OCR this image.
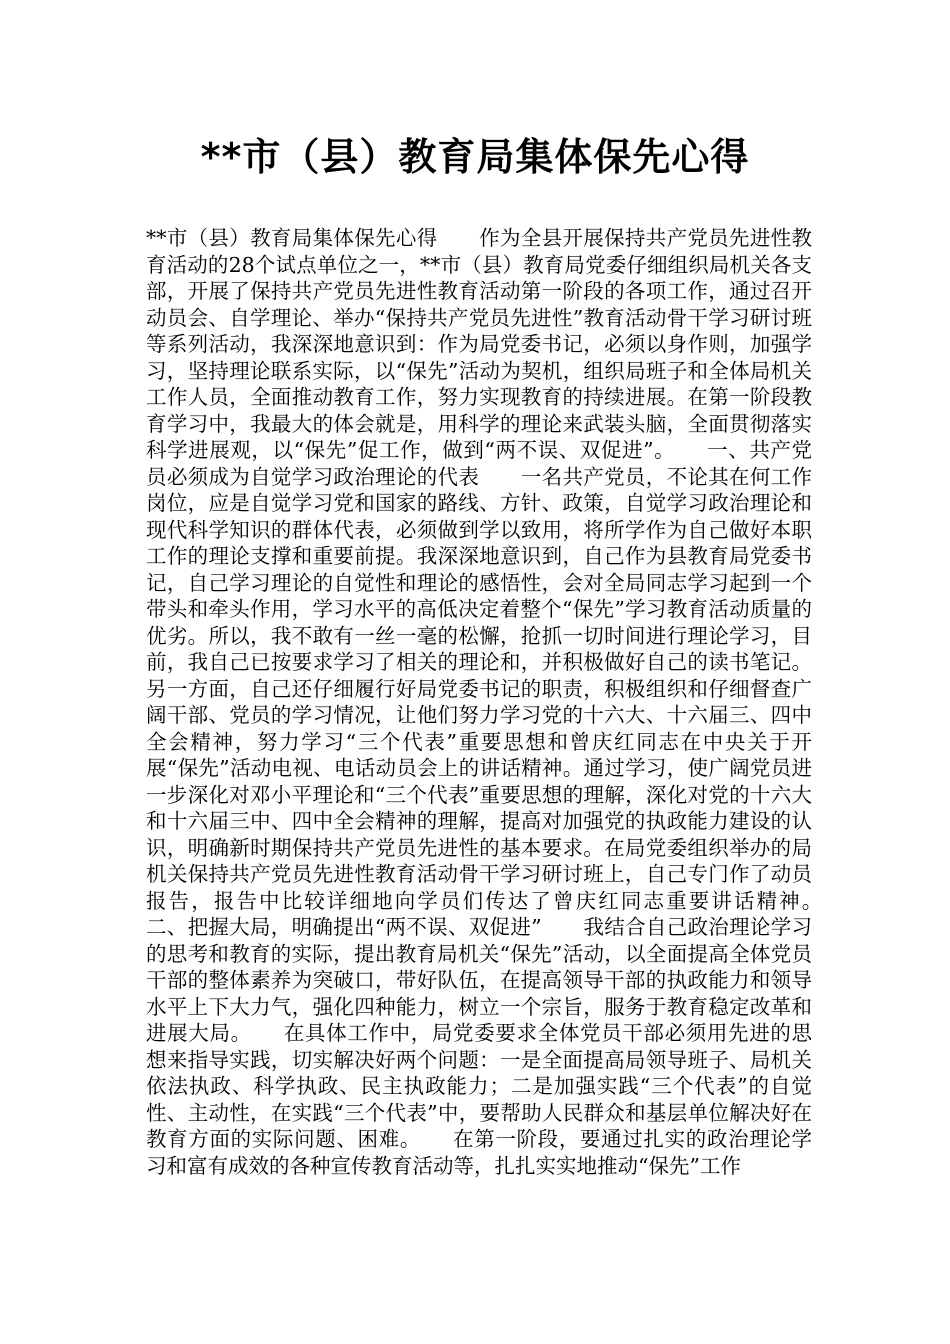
**市（县）教育局集体保先心得

**市（县）教育局集体保先心得　　作为全县开展保持共产党员先进性教育活动的28个试点单位之一，**市（县）教育局党委仔细组织局机关各支部，开展了保持共产党员先进性教育活动第一阶段的各项工作，通过召开动员会、自学理论、举办“保持共产党员先进性”教育活动骨干学习研讨班等系列活动，我深深地意识到：作为局党委书记，必须以身作则，加强学习，坚持理论联系实际，以“保先”活动为契机，组织局班子和全体局机关工作人员，全面推动教育工作，努力实现教育的持续进展。在第一阶段教育学习中，我最大的体会就是，用科学的理论来武装头脑，全面贯彻落实科学进展观，以“保先”促工作，做到“两不误、双促进”。　　一、共产党员必须成为自觉学习政治理论的代表　　一名共产党员，不论其在何工作岗位，应是自觉学习党和国家的路线、方针、政策，自觉学习政治理论和现代科学知识的群体代表，必须做到学以致用，将所学作为自己做好本职工作的理论支撑和重要前提。我深深地意识到，自己作为县教育局党委书记，自己学习理论的自觉性和理论的感悟性，会对全局同志学习起到一个带头和牵头作用，学习水平的高低决定着整个“保先”学习教育活动质量的优劣。所以，我不敢有一丝一毫的松懈，抢抓一切时间进行理论学习，目前，我自己已按要求学习了相关的理论和，并积极做好自己的读书笔记。另一方面，自己还仔细履行好局党委书记的职责，积极组织和仔细督查广阔干部、党员的学习情况，让他们努力学习党的十六大、十六届三、四中全会精神，努力学习“三个代表”重要思想和曾庆红同志在中央关于开展“保先”活动电视、电话动员会上的讲话精神。通过学习，使广阔党员进一步深化对邓小平理论和“三个代表”重要思想的理解，深化对党的十六大和十六届三中、四中全会精神的理解，提高对加强党的执政能力建设的认识，明确新时期保持共产党员先进性的基本要求。在局党委组织举办的局机关保持共产党员先进性教育活动骨干学习研讨班上，自己专门作了动员报告，报告中比较详细地向学员们传达了曾庆红同志重要讲话精神。　　二、把握大局，明确提出“两不误、双促进”　　我结合自己政治理论学习的思考和教育的实际，提出教育局机关“保先”活动，以全面提高全体党员干部的整体素养为突破口，带好队伍，在提高领导干部的执政能力和领导水平上下大力气，强化四种能力，树立一个宗旨，服务于教育稳定改革和进展大局。　　在具体工作中，局党委要求全体党员干部必须用先进的思想来指导实践，切实解决好两个问题：一是全面提高局领导班子、局机关依法执政、科学执政、民主执政能力；二是加强实践“三个代表”的自觉性、主动性，在实践“三个代表”中，要帮助人民群众和基层单位解决好在教育方面的实际问题、困难。　　在第一阶段，要通过扎实的政治理论学习和富有成效的各种宣传教育活动等，扎扎实实地推动“保先”工作
